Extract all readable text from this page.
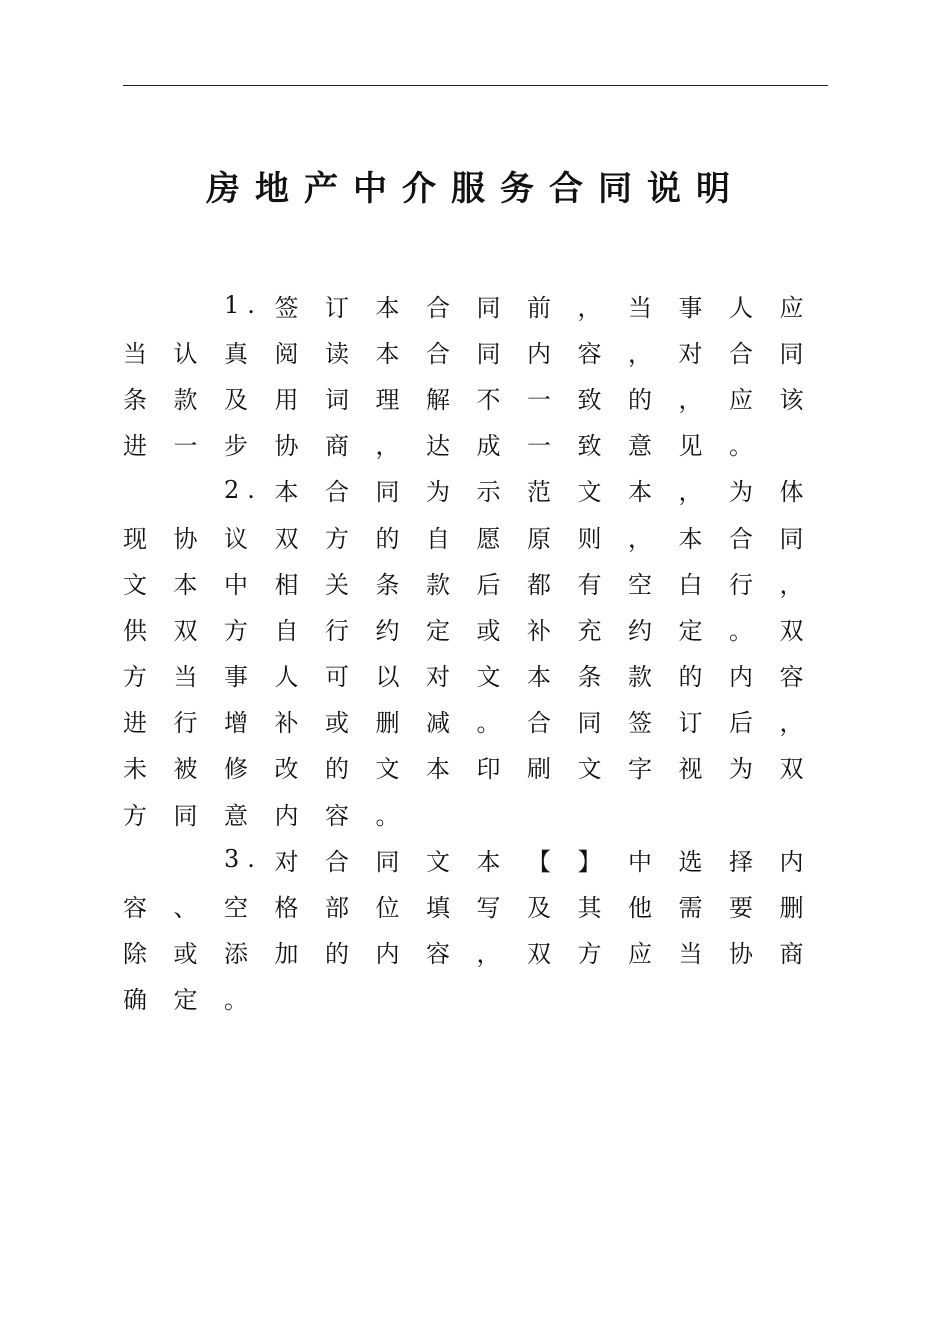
房地产中介服务合同说明
1. 签	订	本	合	同	前	，	当	事	人	应
当	认	真	阅	读	本	合	同	内	容	，	对	合	同
条	款	及	用	词	理	解	不	一	致	的	，	应	该
进	一	步	协	商	，	达	成	一	致	意	见	。
2. 本	合	同	为	示	范	文	本	，	为	体
现	协	议	双	方	的	自	愿	原	则	，	本	合	同
文	本	中	相	关	条	款	后	都	有	空	白	行	，
供	双	方	自	行	约	定	或	补	充	约	定	。	双
方	当	事	人	可	以	对	文	本	条	款	的	内	容
进	行	增	补	或	删	减	。	合	同	签	订	后	，
未	被	修	改	的	文	本	印	刷	文	字	视	为	双
方	同	意	内	容	。
3. 对	合	同	文	本	【	】	中	选	择	内
容	、	空	格	部	位	填	写	及	其	他	需	要	删
除	或	添	加	的	内	容	，	双	方	应	当	协	商
确	定	。
